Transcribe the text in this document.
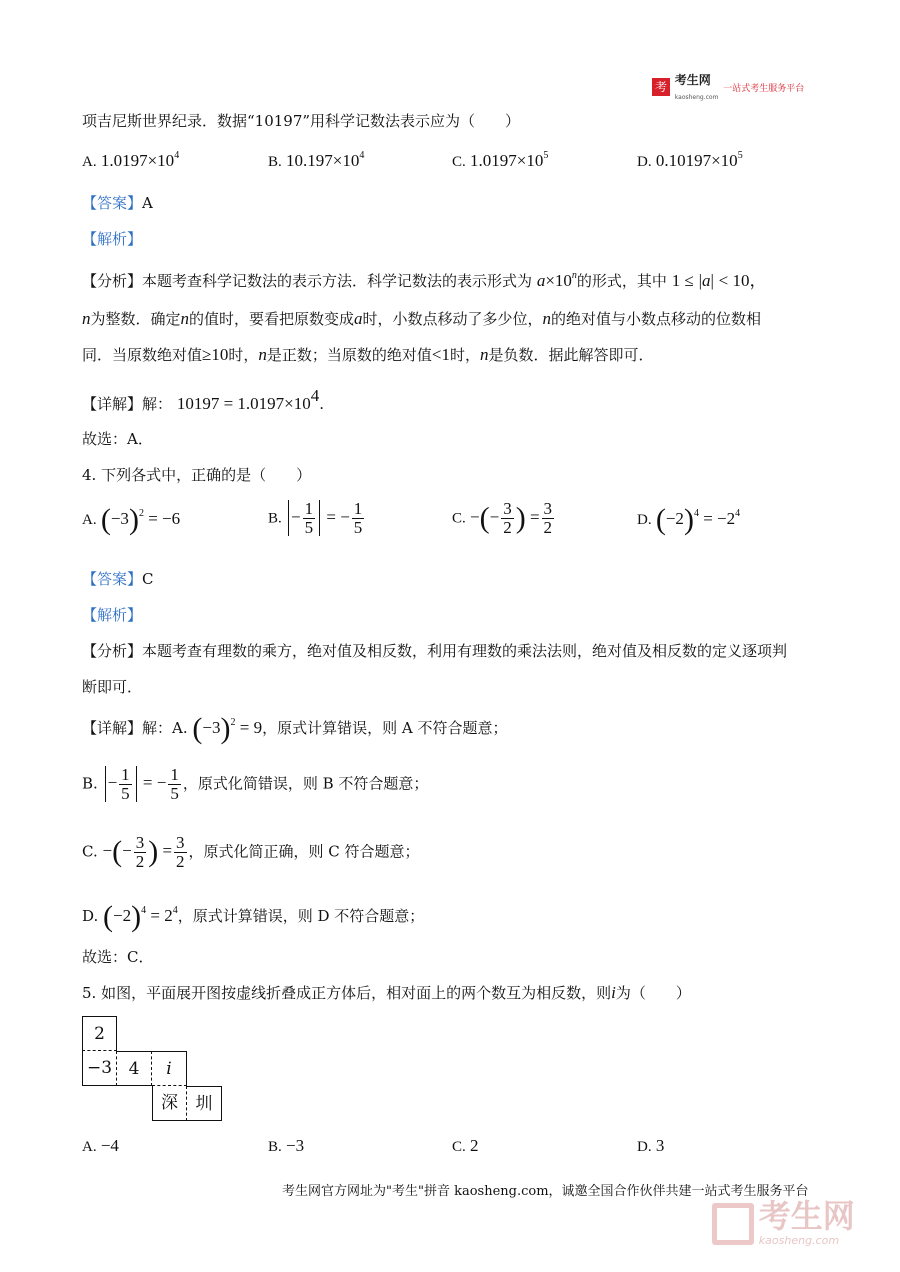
考 考生网
kaosheng.com 一站式考生服务平台
项吉尼斯世界纪录．数据“10197”用科学记数法表示应为（　　）
A. $1.0197\times 10^4$	B. $10.197\times 10^4$	C. $1.0197\times 10^5$	D. $0.10197\times 10^5$
【答案】A
【解析】
【分析】本题考查科学记数法的表示方法．科学记数法的表示形式为 $a\times 10^n$的形式，其中 1 ≤ |a| < 10，
n为整数．确定n的值时，要看把原数变成a时，小数点移动了多少位，n的绝对值与小数点移动的位数相
同．当原数绝对值≥10时，n是正数；当原数的绝对值<1时，n是负数．据此解答即可．
【详解】解： $10197 = 1.0197\times 10^4$.
故选：A．
4. 下列各式中，正确的是（　　）
A. $(-3)^2 = -6$	B. − $\frac{1}{5}$ = − $\frac{1}{5}$	C. −(− $\frac{3}{2}$ ) = $\frac{3}{2}$	D. $(-2)^4 = -2^4$
【答案】C
【解析】
【分析】本题考查有理数的乘方，绝对值及相反数，利用有理数的乘法法则，绝对值及相反数的定义逐项判
断即可．
【详解】解：A. $(-3)^2 = 9$，原式计算错误，则 A 不符合题意；
B. − $\frac{1}{5}$ = − $\frac{1}{5}$ ，原式化简错误，则 B 不符合题意；
C. −(− $\frac{3}{2}$ ) = $\frac{3}{2}$ ，原式化简正确，则 C 符合题意；
D. $(-2)^4 = 2^4$，原式计算错误，则 D 不符合题意；
故选：C．
5. 如图，平面展开图按虚线折叠成正方体后，相对面上的两个数互为相反数，则i为（　　）
2
−3 4	i
深	圳
A. −4	B. −3	C. 2	D. 3
考生网官方网址为"考生"拼音 kaosheng.com，诚邀全国合作伙伴共建一站式考生服务平台
考生网
kaosheng.com
